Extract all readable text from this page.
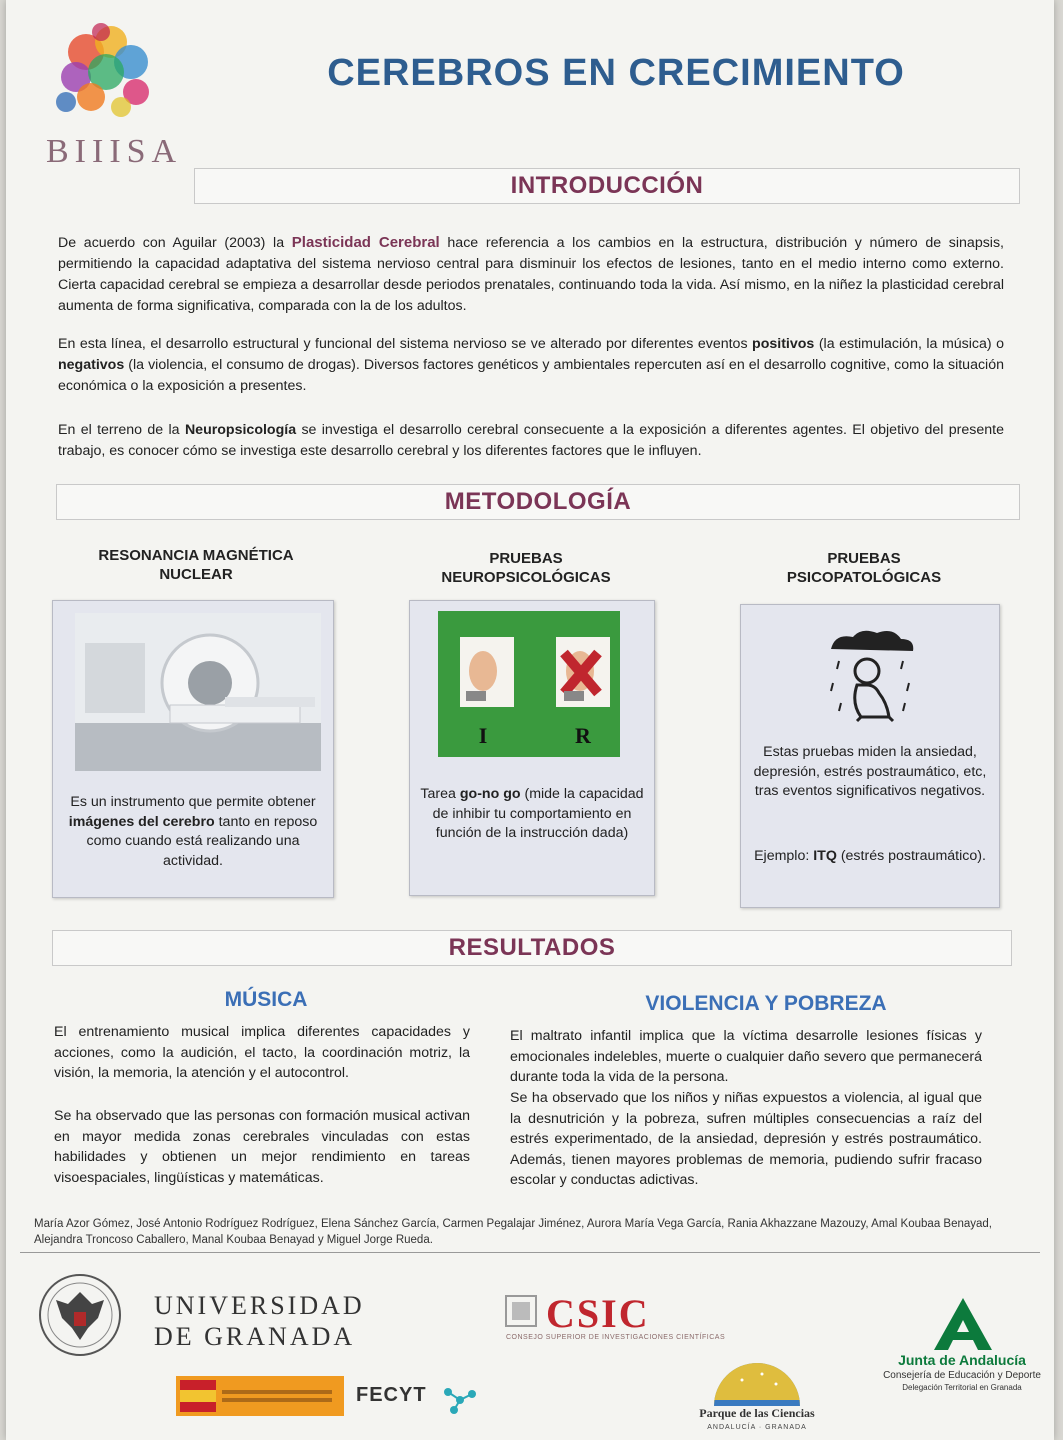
BIIISA
CEREBROS EN CRECIMIENTO
INTRODUCCIÓN
De acuerdo con Aguilar (2003) la Plasticidad Cerebral hace referencia a los cambios en la estructura, distribución y número de sinapsis, permitiendo la capacidad adaptativa del sistema nervioso central para disminuir los efectos de lesiones, tanto en el medio interno como externo. Cierta capacidad cerebral se empieza a desarrollar desde periodos prenatales, continuando toda la vida. Así mismo, en la niñez la plasticidad cerebral aumenta de forma significativa, comparada con la de los adultos.
En esta línea, el desarrollo estructural y funcional del sistema nervioso se ve alterado por diferentes eventos positivos (la estimulación, la música) o negativos (la violencia, el consumo de drogas). Diversos factores genéticos y ambientales repercuten así en el desarrollo cognitive, como la situación económica o la exposición a presentes.
En el terreno de la Neuropsicología se investiga el desarrollo cerebral consecuente a la exposición a diferentes agentes. El objetivo del presente trabajo, es conocer cómo se investiga este desarrollo cerebral y los diferentes factores que le influyen.
METODOLOGÍA
RESONANCIA MAGNÉTICA NUCLEAR
PRUEBAS NEUROPSICOLÓGICAS
PRUEBAS PSICOPATOLÓGICAS
Es un instrumento que permite obtener imágenes del cerebro tanto en reposo como cuando está realizando una actividad.
I	R
Tarea go-no go (mide la capacidad de inhibir tu comportamiento en función de la instrucción dada)
Estas pruebas miden la ansiedad, depresión, estrés postraumático, etc, tras eventos significativos negativos.
Ejemplo: ITQ (estrés postraumático).
RESULTADOS
MÚSICA	VIOLENCIA Y POBREZA
El entrenamiento musical implica diferentes capacidades y acciones, como la audición, el tacto, la coordinación motriz, la visión, la memoria, la atención y el autocontrol.
Se ha observado que las personas con formación musical activan en mayor medida zonas cerebrales vinculadas con estas habilidades y obtienen un mejor rendimiento en tareas visoespaciales, lingüísticas y matemáticas.
El maltrato infantil implica que la víctima desarrolle lesiones físicas y emocionales indelebles, muerte o cualquier daño severo que permanecerá durante toda la vida de la persona.
Se ha observado que los niños y niñas expuestos a violencia, al igual que la desnutrición y la pobreza, sufren múltiples consecuencias a raíz del estrés experimentado, de la ansiedad, depresión y estrés postraumático. Además, tienen mayores problemas de memoria, pudiendo sufrir fracaso escolar y conductas adictivas.
María Azor Gómez, José Antonio Rodríguez Rodríguez, Elena Sánchez García, Carmen Pegalajar Jiménez, Aurora María Vega García, Rania Akhazzane Mazouzy, Amal Koubaa Benayad, Alejandra Troncoso Caballero, Manal Koubaa Benayad y Miguel Jorge Rueda.
UNIVERSIDAD
DE GRANADA
CSIC
CONSEJO SUPERIOR DE INVESTIGACIONES CIENTÍFICAS
FECYT
Parque de las Ciencias
ANDALUCÍA · GRANADA
Junta de Andalucía
Consejería de Educación y Deporte
Delegación Territorial en Granada
